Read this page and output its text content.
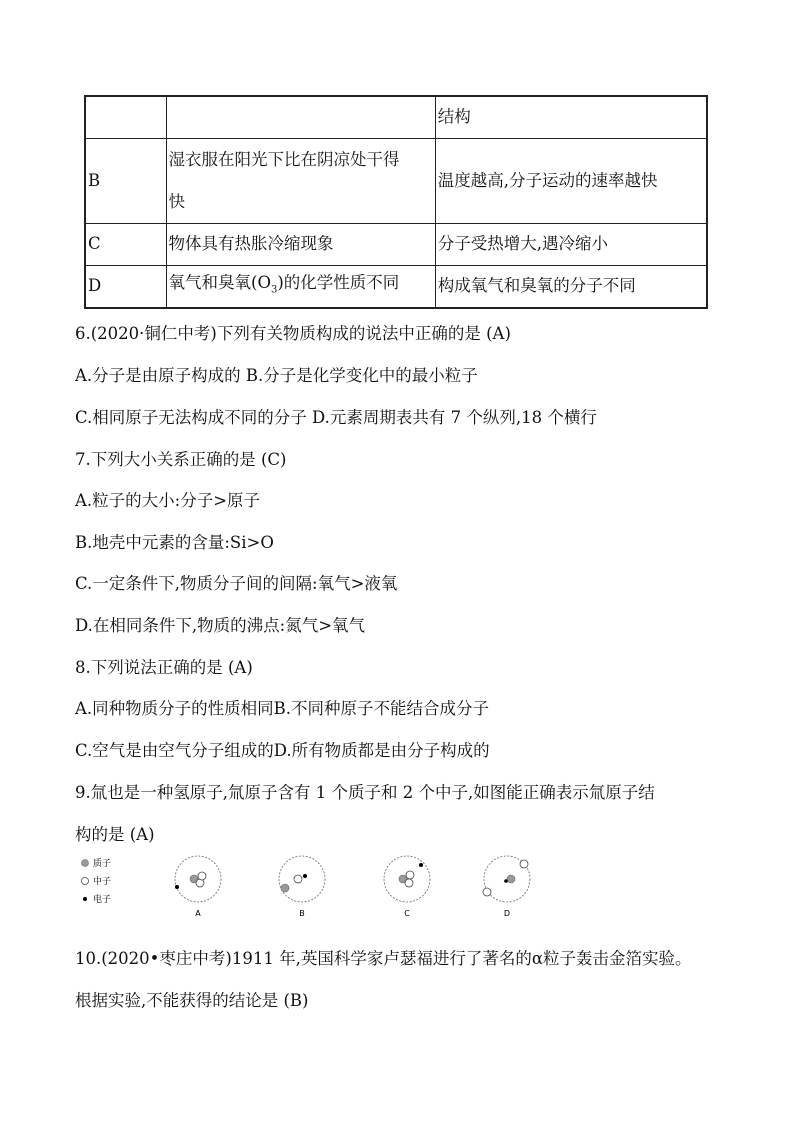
		结构
B	湿衣服在阳光下比在阴凉处干得
快	温度越高,分子运动的速率越快
C	物体具有热胀冷缩现象	分子受热增大,遇冷缩小
D	氧气和臭氧$(O_3)$的化学性质不同	构成氧气和臭氧的分子不同
6.(2020·铜仁中考)下列有关物质构成的说法中正确的是 (A)
A.分子是由原子构成的 B.分子是化学变化中的最小粒子
C.相同原子无法构成不同的分子 D.元素周期表共有 7 个纵列,18 个横行
7.下列大小关系正确的是 (C)
A.粒子的大小:分子>原子
B.地壳中元素的含量:Si>O
C.一定条件下,物质分子间的间隔:氧气>液氧
D.在相同条件下,物质的沸点:氮气>氧气
8.下列说法正确的是 (A)
A.同种物质分子的性质相同B.不同种原子不能结合成分子
C.空气是由空气分子组成的D.所有物质都是由分子构成的
9.氚也是一种氢原子,氚原子含有 1 个质子和 2 个中子,如图能正确表示氚原子结
构的是 (A)
质子
中子
电子
A	B	C	D
10.(2020•枣庄中考)1911 年,英国科学家卢瑟福进行了著名的α粒子轰击金箔实验。
根据实验,不能获得的结论是 (B)
